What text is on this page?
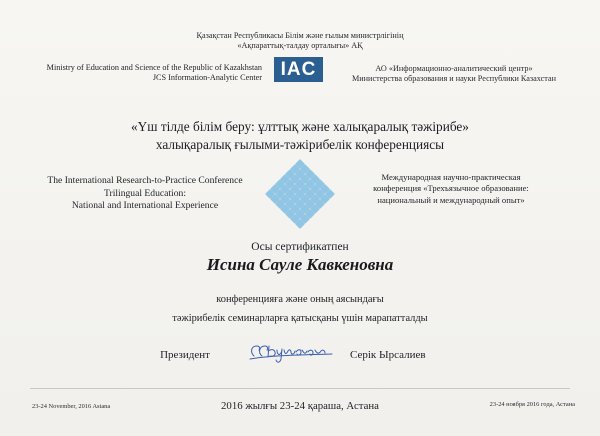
Қазақстан Республикасы Білім және ғылым министрлігінің
«Ақпараттық-талдау орталығы» АҚ
Ministry of Education and Science of the Republic of Kazakhstan
JCS Information-Analytic Center IAC	АО «Информационно-аналитический центр»
Министерства образования и науки Республики Казахстан
«Үш тілде білім беру: ұлттық және халықаралық тәжірибе»
халықаралық ғылыми-тәжірибелік конференциясы
The International Research-to-Practice Conference
Trilingual Education:
National and International Experience
Международная научно-практическая
конференция «Трехъязычное образование:
национальный и международный опыт»
Осы сертификатпен
Исина Сауле Кавкеновна
конференцияға және оның аясындағы
тәжірибелік семинарларға қатысқаны үшін марапатталды
Президент	Серік Ырсалиев
23-24 November, 2016 Astana	2016 жылғы 23-24 қараша, Астана	23-24 ноября 2016 года, Астана
